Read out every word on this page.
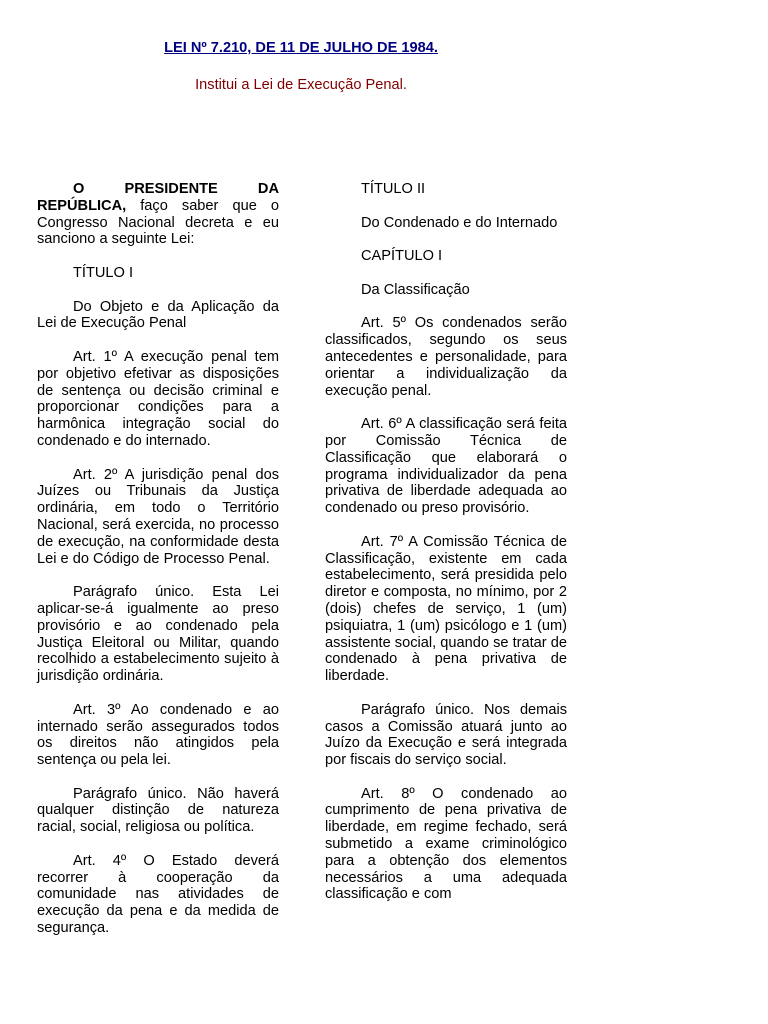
LEI Nº 7.210, DE 11 DE JULHO DE 1984.
Institui a Lei de Execução Penal.

O PRESIDENTE DA REPÚBLICA, faço saber que o Congresso Nacional decreta e eu sanciono a seguinte Lei:

TÍTULO I

Do Objeto e da Aplicação da Lei de Execução Penal

Art. 1º A execução penal tem por objetivo efetivar as disposições de sentença ou decisão criminal e proporcionar condições para a harmônica integração social do condenado e do internado.

Art. 2º A jurisdição penal dos Juízes ou Tribunais da Justiça ordinária, em todo o Território Nacional, será exercida, no processo de execução, na conformidade desta Lei e do Código de Processo Penal.

Parágrafo único. Esta Lei aplicar-se-á igualmente ao preso provisório e ao condenado pela Justiça Eleitoral ou Militar, quando recolhido a estabelecimento sujeito à jurisdição ordinária.

Art. 3º Ao condenado e ao internado serão assegurados todos os direitos não atingidos pela sentença ou pela lei.

Parágrafo único. Não haverá qualquer distinção de natureza racial, social, religiosa ou política.

Art. 4º O Estado deverá recorrer à cooperação da comunidade nas atividades de execução da pena e da medida de segurança.

TÍTULO II

Do Condenado e do Internado

CAPÍTULO I

Da Classificação

Art. 5º Os condenados serão classificados, segundo os seus antecedentes e personalidade, para orientar a individualização da execução penal.

Art. 6º A classificação será feita por Comissão Técnica de Classificação que elaborará o programa individualizador da pena privativa de liberdade adequada ao condenado ou preso provisório.

Art. 7º A Comissão Técnica de Classificação, existente em cada estabelecimento, será presidida pelo diretor e composta, no mínimo, por 2 (dois) chefes de serviço, 1 (um) psiquiatra, 1 (um) psicólogo e 1 (um) assistente social, quando se tratar de condenado à pena privativa de liberdade.

Parágrafo único. Nos demais casos a Comissão atuará junto ao Juízo da Execução e será integrada por fiscais do serviço social.

Art. 8º O condenado ao cumprimento de pena privativa de liberdade, em regime fechado, será submetido a exame criminológico para a obtenção dos elementos necessários a uma adequada classificação e com
